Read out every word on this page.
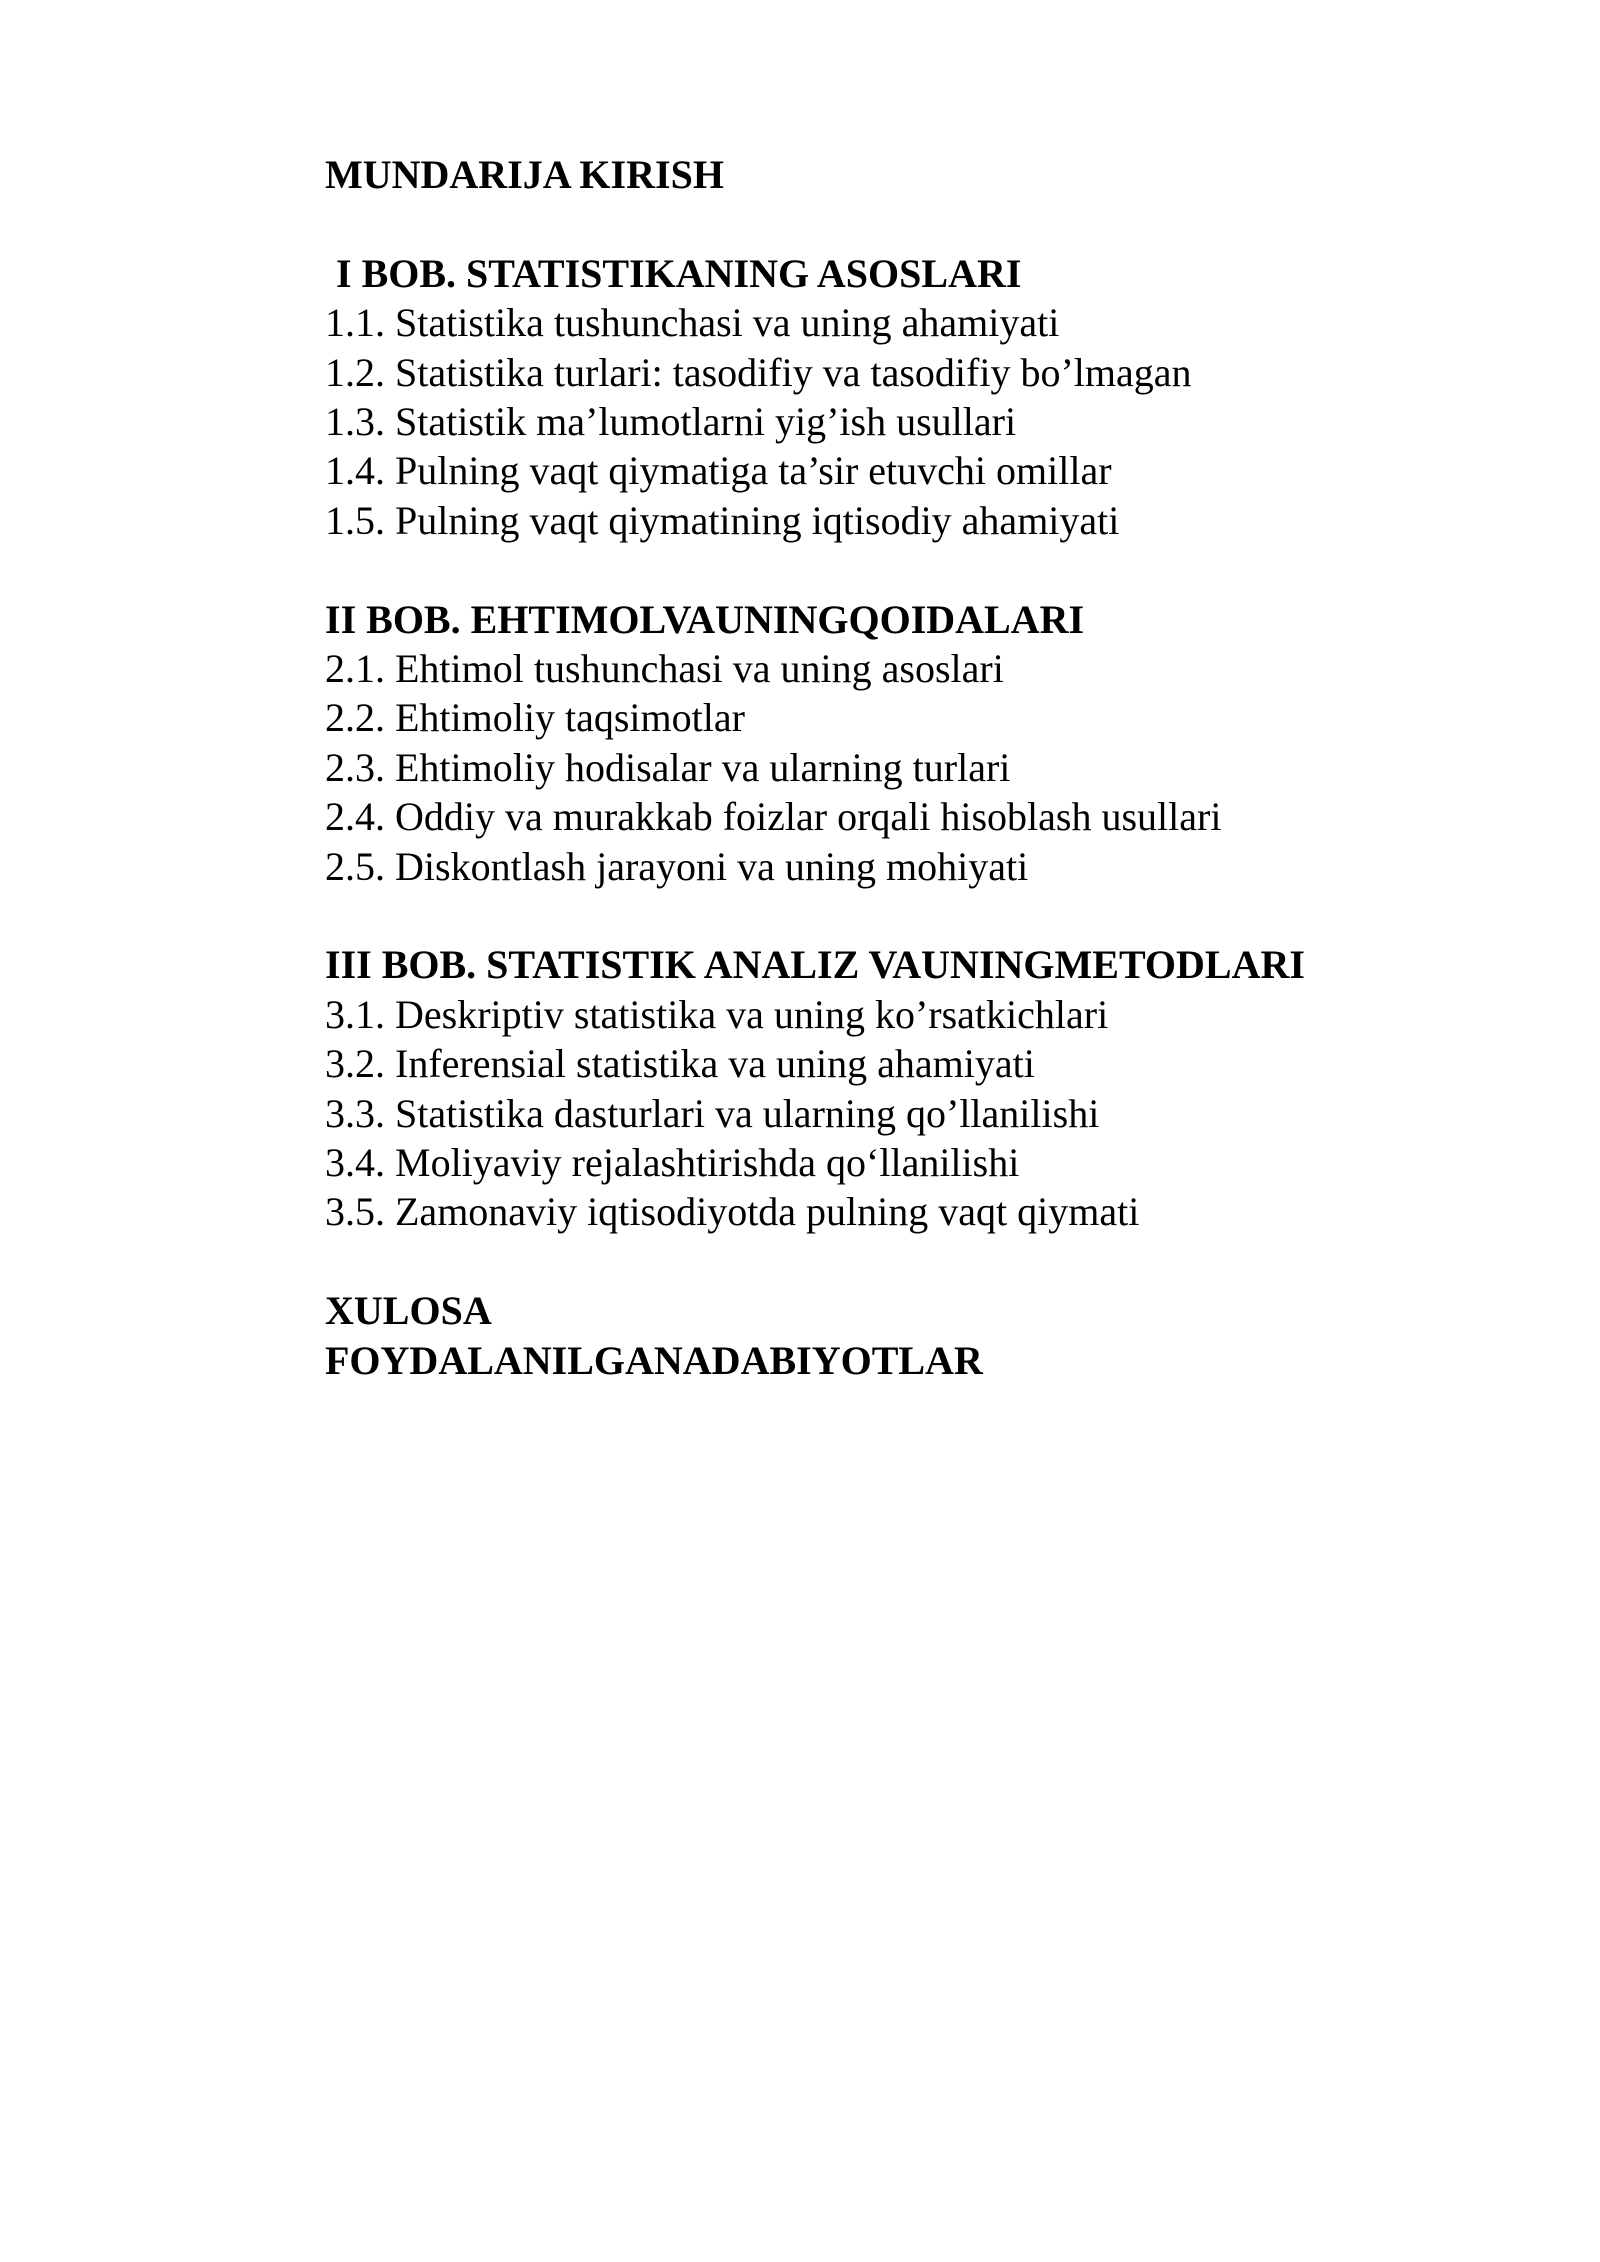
MUNDARIJA KIRISH

I BOB. STATISTIKANING ASOSLARI

1.1. Statistika tushunchasi va uning ahamiyati

1.2. Statistika turlari: tasodifiy va tasodifiy bo’lmagan

1.3. Statistik ma’lumotlarni yig’ish usullari

1.4. Pulning vaqt qiymatiga ta’sir etuvchi omillar

1.5. Pulning vaqt qiymatining iqtisodiy ahamiyati

II BOB. EHTIMOLVAUNINGQOIDALARI

2.1. Ehtimol tushunchasi va uning asoslari

2.2. Ehtimoliy taqsimotlar

2.3. Ehtimoliy hodisalar va ularning turlari

2.4. Oddiy va murakkab foizlar orqali hisoblash usullari

2.5. Diskontlash jarayoni va uning mohiyati

III BOB. STATISTIK ANALIZ VAUNINGMETODLARI

3.1. Deskriptiv statistika va uning ko’rsatkichlari

3.2. Inferensial statistika va uning ahamiyati

3.3. Statistika dasturlari va ularning qo’llanilishi

3.4. Moliyaviy rejalashtirishda qo‘llanilishi

3.5. Zamonaviy iqtisodiyotda pulning vaqt qiymati

XULOSA

FOYDALANILGANADABIYOTLAR
